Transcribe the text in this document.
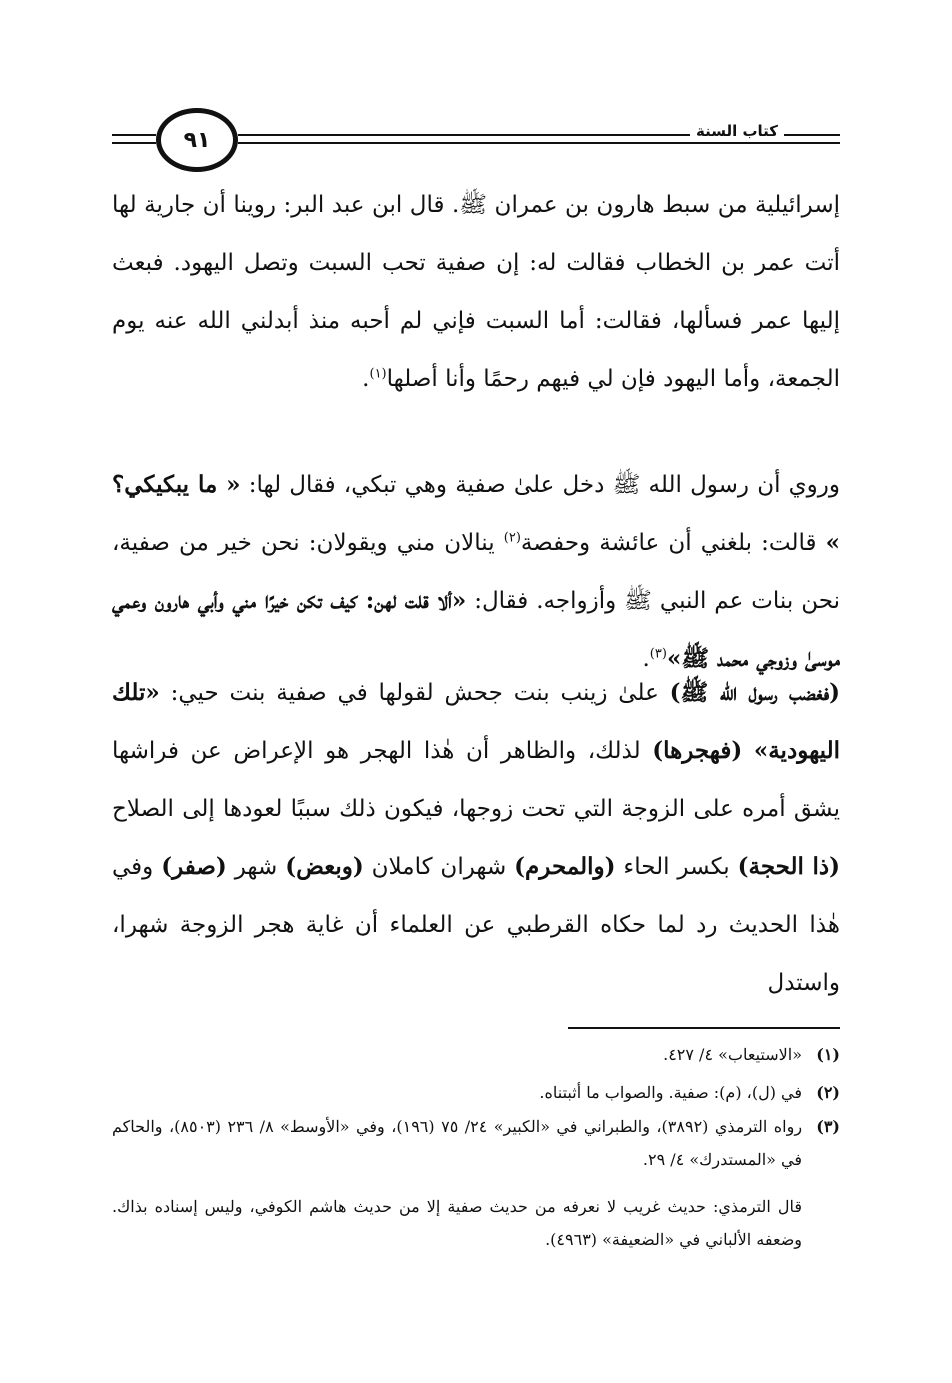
٩١	كتاب السنة

إسرائيلية من سبط هارون بن عمران ﷺ. قال ابن عبد البر: روينا أن جارية لها أتت عمر بن الخطاب فقالت له: إن صفية تحب السبت وتصل اليهود. فبعث إليها عمر فسألها، فقالت: أما السبت فإني لم أحبه منذ أبدلني الله عنه يوم الجمعة، وأما اليهود فإن لي فيهم رحمًا وأنا أصلها$^{(١)}$.

وروي أن رسول الله ﷺ دخل علىٰ صفية وهي تبكي، فقال لها: « ما يبكيكي؟ » قالت: بلغني أن عائشة وحفصة$^{(٢)}$ ينالان مني ويقولان: نحن خير من صفية، نحن بنات عم النبي ﷺ وأزواجه. فقال: «ألا قلت لهن: كيف تكن خيرًا مني وأبي هارون وعمي موسىٰ وزوجي محمد ﷺ»$^{(٣)}$.

(فغضب رسول الله ﷺ) علىٰ زينب بنت جحش لقولها في صفية بنت حيي: «تلك اليهودية» (فهجرها) لذلك، والظاهر أن هٰذا الهجر هو الإعراض عن فراشها يشق أمره على الزوجة التي تحت زوجها، فيكون ذلك سببًا لعودها إلى الصلاح (ذا الحجة) بكسر الحاء (والمحرم) شهران كاملان (وبعض) شهر (صفر) وفي هٰذا الحديث رد لما حكاه القرطبي عن العلماء أن غاية هجر الزوجة شهرا، واستدل

(١)
«الاستيعاب» ٤/ ٤٢٧.
(٢)
في (ل)، (م): صفية. والصواب ما أثبتناه.
(٣)
رواه الترمذي (٣٨٩٢)، والطبراني في «الكبير» ٢٤/ ٧٥ (١٩٦)، وفي «الأوسط» ٨/ ٢٣٦ (٨٥٠٣)، والحاكم في «المستدرك» ٤/ ٢٩.
قال الترمذي: حديث غريب لا نعرفه من حديث صفية إلا من حديث هاشم الكوفي، وليس إسناده بذاك. وضعفه الألباني في «الضعيفة» (٤٩٦٣).
